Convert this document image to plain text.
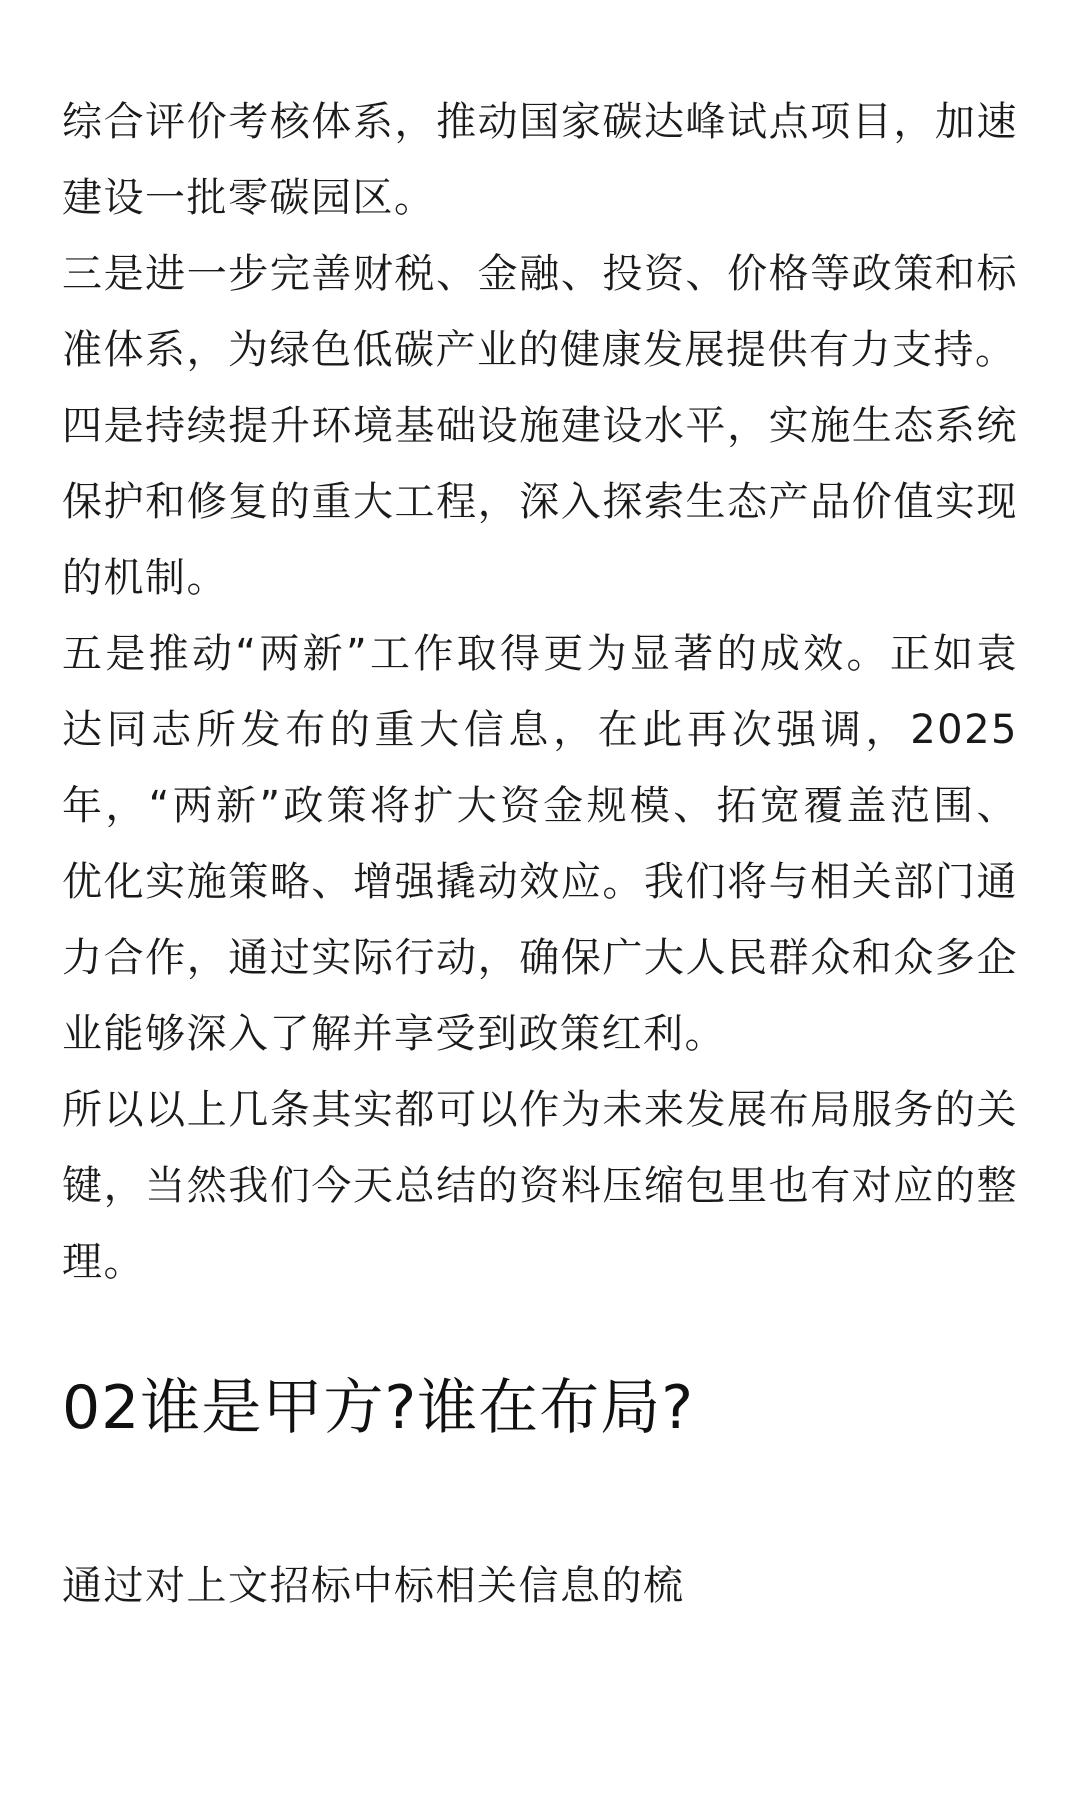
综合评价考核体系，推动国家碳达峰试点项目，加速建设一批零碳园区。

三是进一步完善财税、金融、投资、价格等政策和标准体系，为绿色低碳产业的健康发展提供有力支持。

四是持续提升环境基础设施建设水平，实施生态系统保护和修复的重大工程，深入探索生态产品价值实现的机制。

五是推动“两新”工作取得更为显著的成效。正如袁达同志所发布的重大信息，在此再次强调，2025年，“两新”政策将扩大资金规模、拓宽覆盖范围、优化实施策略、增强撬动效应。我们将与相关部门通力合作，通过实际行动，确保广大人民群众和众多企业能够深入了解并享受到政策红利。

所以以上几条其实都可以作为未来发展布局服务的关键，当然我们今天总结的资料压缩包里也有对应的整理。

02谁是甲方?谁在布局?

通过对上文招标中标相关信息的梳
